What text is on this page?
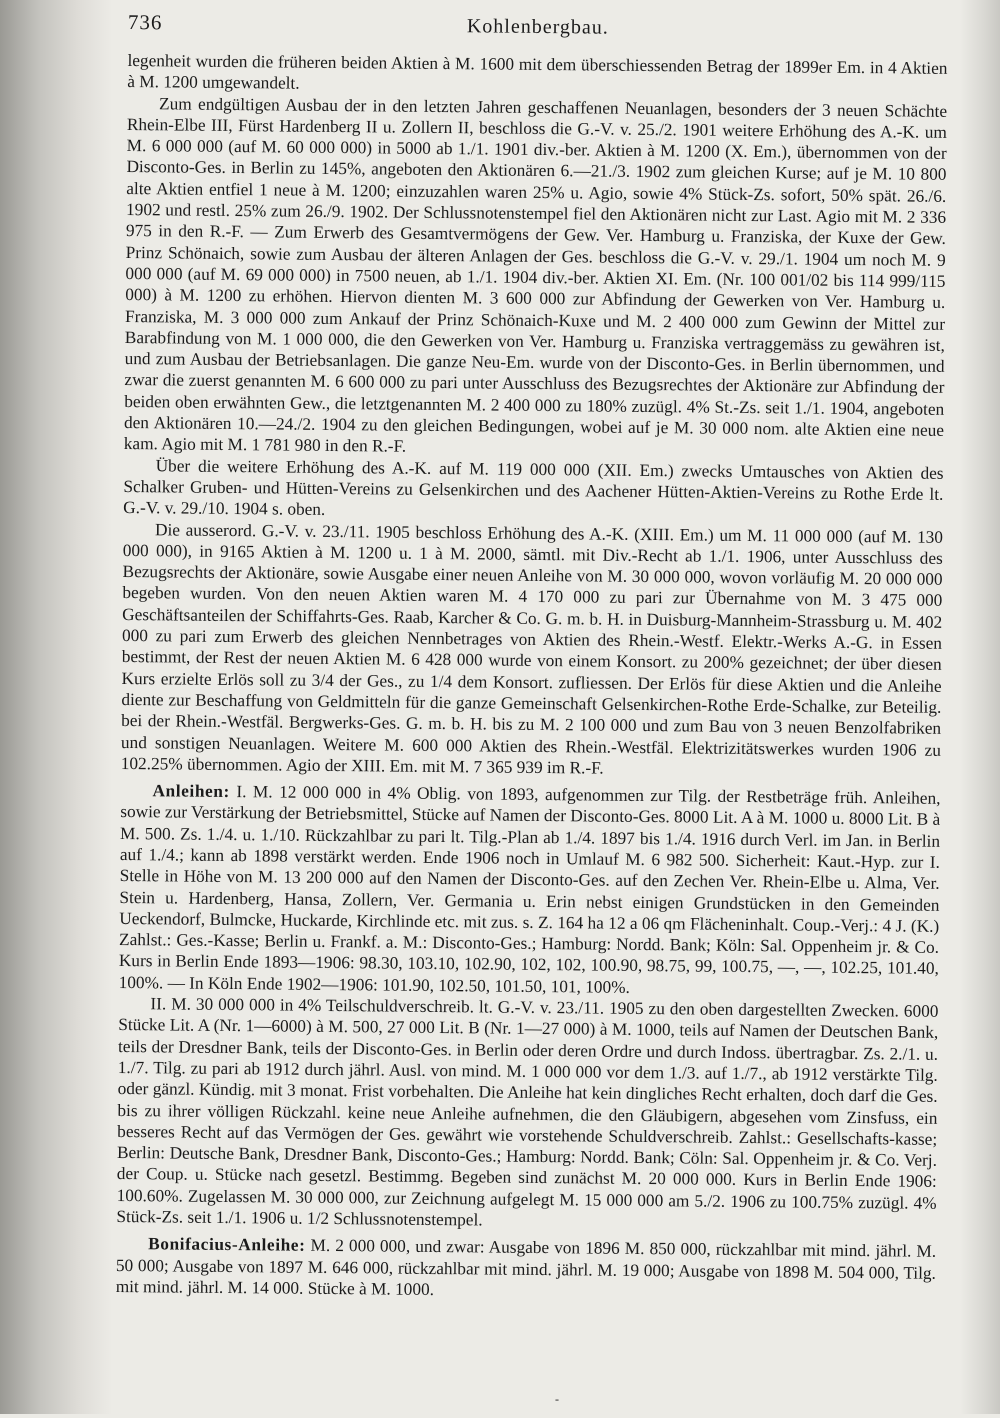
736	Kohlenbergbau.

legenheit wurden die früheren beiden Aktien à M. 1600 mit dem überschiessenden Betrag der 1899er Em. in 4 Aktien à M. 1200 umgewandelt.

Zum endgültigen Ausbau der in den letzten Jahren geschaffenen Neuanlagen, besonders der 3 neuen Schächte Rhein-Elbe III, Fürst Hardenberg II u. Zollern II, beschloss die G.-V. v. 25./2. 1901 weitere Erhöhung des A.-K. um M. 6 000 000 (auf M. 60 000 000) in 5000 ab 1./1. 1901 div.-ber. Aktien à M. 1200 (X. Em.), übernommen von der Disconto-Ges. in Berlin zu 145%, angeboten den Aktionären 6.—21./3. 1902 zum gleichen Kurse; auf je M. 10 800 alte Aktien entfiel 1 neue à M. 1200; einzuzahlen waren 25% u. Agio, sowie 4% Stück-Zs. sofort, 50% spät. 26./6. 1902 und restl. 25% zum 26./9. 1902. Der Schlussnotenstempel fiel den Aktionären nicht zur Last. Agio mit M. 2 336 975 in den R.-F. — Zum Erwerb des Gesamtvermögens der Gew. Ver. Hamburg u. Franziska, der Kuxe der Gew. Prinz Schönaich, sowie zum Ausbau der älteren Anlagen der Ges. beschloss die G.-V. v. 29./1. 1904 um noch M. 9 000 000 (auf M. 69 000 000) in 7500 neuen, ab 1./1. 1904 div.-ber. Aktien XI. Em. (Nr. 100 001/02 bis 114 999/115 000) à M. 1200 zu erhöhen. Hiervon dienten M. 3 600 000 zur Abfindung der Gewerken von Ver. Hamburg u. Franziska, M. 3 000 000 zum Ankauf der Prinz Schönaich-Kuxe und M. 2 400 000 zum Gewinn der Mittel zur Barabfindung von M. 1 000 000, die den Gewerken von Ver. Hamburg u. Franziska vertraggemäss zu gewähren ist, und zum Ausbau der Betriebsanlagen. Die ganze Neu-Em. wurde von der Disconto-Ges. in Berlin übernommen, und zwar die zuerst genannten M. 6 600 000 zu pari unter Ausschluss des Bezugsrechtes der Aktionäre zur Abfindung der beiden oben erwähnten Gew., die letztgenannten M. 2 400 000 zu 180% zuzügl. 4% St.-Zs. seit 1./1. 1904, angeboten den Aktionären 10.—24./2. 1904 zu den gleichen Bedingungen, wobei auf je M. 30 000 nom. alte Aktien eine neue kam. Agio mit M. 1 781 980 in den R.-F.

Über die weitere Erhöhung des A.-K. auf M. 119 000 000 (XII. Em.) zwecks Umtausches von Aktien des Schalker Gruben- und Hütten-Vereins zu Gelsenkirchen und des Aachener Hütten-Aktien-Vereins zu Rothe Erde lt. G.-V. v. 29./10. 1904 s. oben.

Die ausserord. G.-V. v. 23./11. 1905 beschloss Erhöhung des A.-K. (XIII. Em.) um M. 11 000 000 (auf M. 130 000 000), in 9165 Aktien à M. 1200 u. 1 à M. 2000, sämtl. mit Div.-Recht ab 1./1. 1906, unter Ausschluss des Bezugsrechts der Aktionäre, sowie Ausgabe einer neuen Anleihe von M. 30 000 000, wovon vorläufig M. 20 000 000 begeben wurden. Von den neuen Aktien waren M. 4 170 000 zu pari zur Übernahme von M. 3 475 000 Geschäftsanteilen der Schiffahrts-Ges. Raab, Karcher & Co. G. m. b. H. in Duisburg-Mannheim-Strassburg u. M. 402 000 zu pari zum Erwerb des gleichen Nennbetrages von Aktien des Rhein.-Westf. Elektr.-Werks A.-G. in Essen bestimmt, der Rest der neuen Aktien M. 6 428 000 wurde von einem Konsort. zu 200% gezeichnet; der über diesen Kurs erzielte Erlös soll zu 3/4 der Ges., zu 1/4 dem Konsort. zufliessen. Der Erlös für diese Aktien und die Anleihe diente zur Beschaffung von Geldmitteln für die ganze Gemeinschaft Gelsenkirchen-Rothe Erde-Schalke, zur Beteilig. bei der Rhein.-Westfäl. Bergwerks-Ges. G. m. b. H. bis zu M. 2 100 000 und zum Bau von 3 neuen Benzolfabriken und sonstigen Neuanlagen. Weitere M. 600 000 Aktien des Rhein.-Westfäl. Elektrizitätswerkes wurden 1906 zu 102.25% übernommen. Agio der XIII. Em. mit M. 7 365 939 im R.-F.

Anleihen: I. M. 12 000 000 in 4% Oblig. von 1893, aufgenommen zur Tilg. der Restbeträge früh. Anleihen, sowie zur Verstärkung der Betriebsmittel, Stücke auf Namen der Disconto-Ges. 8000 Lit. A à M. 1000 u. 8000 Lit. B à M. 500. Zs. 1./4. u. 1./10. Rückzahlbar zu pari lt. Tilg.-Plan ab 1./4. 1897 bis 1./4. 1916 durch Verl. im Jan. in Berlin auf 1./4.; kann ab 1898 verstärkt werden. Ende 1906 noch in Umlauf M. 6 982 500. Sicherheit: Kaut.-Hyp. zur I. Stelle in Höhe von M. 13 200 000 auf den Namen der Disconto-Ges. auf den Zechen Ver. Rhein-Elbe u. Alma, Ver. Stein u. Hardenberg, Hansa, Zollern, Ver. Germania u. Erin nebst einigen Grundstücken in den Gemeinden Ueckendorf, Bulmcke, Huckarde, Kirchlinde etc. mit zus. s. Z. 164 ha 12 a 06 qm Flächeninhalt. Coup.-Verj.: 4 J. (K.) Zahlst.: Ges.-Kasse; Berlin u. Frankf. a. M.: Disconto-Ges.; Hamburg: Nordd. Bank; Köln: Sal. Oppenheim jr. & Co. Kurs in Berlin Ende 1893—1906: 98.30, 103.10, 102.90, 102, 102, 100.90, 98.75, 99, 100.75, —, —, 102.25, 101.40, 100%. — In Köln Ende 1902—1906: 101.90, 102.50, 101.50, 101, 100%.

II. M. 30 000 000 in 4% Teilschuldverschreib. lt. G.-V. v. 23./11. 1905 zu den oben dargestellten Zwecken. 6000 Stücke Lit. A (Nr. 1—6000) à M. 500, 27 000 Lit. B (Nr. 1—27 000) à M. 1000, teils auf Namen der Deutschen Bank, teils der Dresdner Bank, teils der Disconto-Ges. in Berlin oder deren Ordre und durch Indoss. übertragbar. Zs. 2./1. u. 1./7. Tilg. zu pari ab 1912 durch jährl. Ausl. von mind. M. 1 000 000 vor dem 1./3. auf 1./7., ab 1912 verstärkte Tilg. oder gänzl. Kündig. mit 3 monat. Frist vorbehalten. Die Anleihe hat kein dingliches Recht erhalten, doch darf die Ges. bis zu ihrer völligen Rückzahl. keine neue Anleihe aufnehmen, die den Gläubigern, abgesehen vom Zinsfuss, ein besseres Recht auf das Vermögen der Ges. gewährt wie vorstehende Schuldverschreib. Zahlst.: Gesellschafts-kasse; Berlin: Deutsche Bank, Dresdner Bank, Disconto-Ges.; Hamburg: Nordd. Bank; Cöln: Sal. Oppenheim jr. & Co. Verj. der Coup. u. Stücke nach gesetzl. Bestimmg. Begeben sind zunächst M. 20 000 000. Kurs in Berlin Ende 1906: 100.60%. Zugelassen M. 30 000 000, zur Zeichnung aufgelegt M. 15 000 000 am 5./2. 1906 zu 100.75% zuzügl. 4% Stück-Zs. seit 1./1. 1906 u. 1/2 Schlussnotenstempel.

Bonifacius-Anleihe: M. 2 000 000, und zwar: Ausgabe von 1896 M. 850 000, rückzahlbar mit mind. jährl. M. 50 000; Ausgabe von 1897 M. 646 000, rückzahlbar mit mind. jährl. M. 19 000; Ausgabe von 1898 M. 504 000, Tilg. mit mind. jährl. M. 14 000. Stücke à M. 1000.

-
